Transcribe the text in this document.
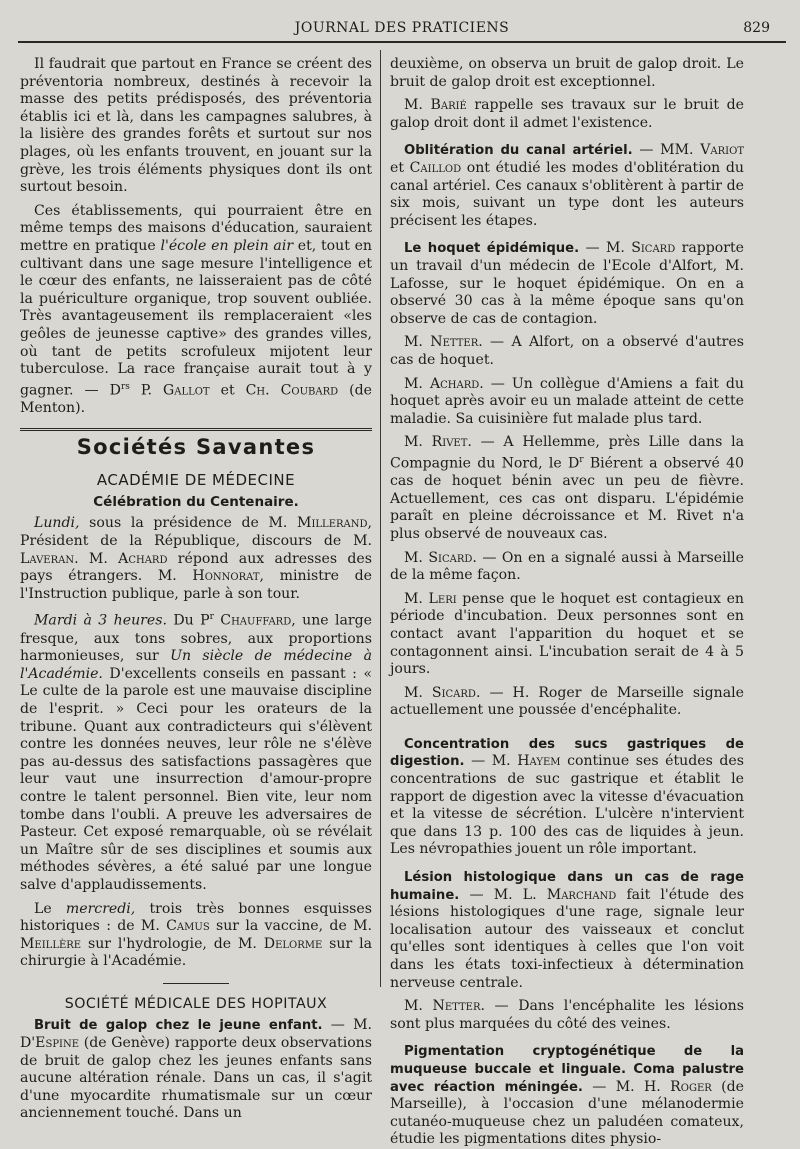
JOURNAL DES PRATICIENS	829

Il faudrait que partout en France se créent des préventoria nombreux, destinés à recevoir la masse des petits prédisposés, des préventoria établis ici et là, dans les campagnes salubres, à la lisière des grandes forêts et surtout sur nos plages, où les enfants trouvent, en jouant sur la grève, les trois éléments physiques dont ils ont surtout besoin.

Ces établissements, qui pourraient être en même temps des maisons d'éducation, sauraient mettre en pratique l'école en plein air et, tout en cultivant dans une sage mesure l'intelligence et le cœur des enfants, ne laisseraient pas de côté la puériculture organique, trop souvent oubliée. Très avantageusement ils remplaceraient «les geôles de jeunesse captive» des grandes villes, où tant de petits scrofuleux mijotent leur tuberculose. La race française aurait tout à y gagner. — $D^{rs}$ P. Gallot et Ch. Coubard (de Menton).

Sociétés Savantes
ACADÉMIE DE MÉDECINE
Célébration du Centenaire.

Lundi, sous la présidence de M. Millerand, Président de la République, discours de M. Laveran. M. Achard répond aux adresses des pays étrangers. M. Honnorat, ministre de l'Instruction publique, parle à son tour.

Mardi à 3 heures. Du $P^r$ Chauffard, une large fresque, aux tons sobres, aux proportions harmonieuses, sur Un siècle de médecine à l'Académie. D'excellents conseils en passant : « Le culte de la parole est une mauvaise discipline de l'esprit. » Ceci pour les orateurs de la tribune. Quant aux contradicteurs qui s'élèvent contre les données neuves, leur rôle ne s'élève pas au-dessus des satisfactions passagères que leur vaut une insurrection d'amour-propre contre le talent personnel. Bien vite, leur nom tombe dans l'oubli. A preuve les adversaires de Pasteur. Cet exposé remarquable, où se révélait un Maître sûr de ses disciplines et soumis aux méthodes sévères, a été salué par une longue salve d'applaudissements.

Le mercredi, trois très bonnes esquisses historiques : de M. Camus sur la vaccine, de M. Meillère sur l'hydrologie, de M. Delorme sur la chirurgie à l'Académie.

SOCIÉTÉ MÉDICALE DES HOPITAUX

Bruit de galop chez le jeune enfant. — M. D'Espine (de Genève) rapporte deux observations de bruit de galop chez les jeunes enfants sans aucune altération rénale. Dans un cas, il s'agit d'une myocardite rhumatismale sur un cœur anciennement touché. Dans un

deuxième, on observa un bruit de galop droit. Le bruit de galop droit est exceptionnel.

M. Barié rappelle ses travaux sur le bruit de galop droit dont il admet l'existence.

Oblitération du canal artériel. — MM. Variot et Caillod ont étudié les modes d'oblitération du canal artériel. Ces canaux s'oblitèrent à partir de six mois, suivant un type dont les auteurs précisent les étapes.

Le hoquet épidémique. — M. Sicard rapporte un travail d'un médecin de l'Ecole d'Alfort, M. Lafosse, sur le hoquet épidémique. On en a observé 30 cas à la même époque sans qu'on observe de cas de contagion.

M. Netter. — A Alfort, on a observé d'autres cas de hoquet.

M. Achard. — Un collègue d'Amiens a fait du hoquet après avoir eu un malade atteint de cette maladie. Sa cuisinière fut malade plus tard.

M. Rivet. — A Hellemme, près Lille dans la Compagnie du Nord, le $D^r$ Biérent a observé 40 cas de hoquet bénin avec un peu de fièvre. Actuellement, ces cas ont disparu. L'épidémie paraît en pleine décroissance et M. Rivet n'a plus observé de nouveaux cas.

M. Sicard. — On en a signalé aussi à Marseille de la même façon.

M. Leri pense que le hoquet est contagieux en période d'incubation. Deux personnes sont en contact avant l'apparition du hoquet et se contagonnent ainsi. L'incubation serait de 4 à 5 jours.

M. Sicard. — H. Roger de Marseille signale actuellement une poussée d'encéphalite.

Concentration des sucs gastriques de digestion. — M. Hayem continue ses études des concentrations de suc gastrique et établit le rapport de digestion avec la vitesse d'évacuation et la vitesse de sécrétion. L'ulcère n'intervient que dans 13 p. 100 des cas de liquides à jeun. Les névropathies jouent un rôle important.

Lésion histologique dans un cas de rage humaine. — M. L. Marchand fait l'étude des lésions histologiques d'une rage, signale leur localisation autour des vaisseaux et conclut qu'elles sont identiques à celles que l'on voit dans les états toxi-infectieux à détermination nerveuse centrale.

M. Netter. — Dans l'encéphalite les lésions sont plus marquées du côté des veines.

Pigmentation cryptogénétique de la muqueuse buccale et linguale. Coma palustre avec réaction méningée. — M. H. Roger (de Marseille), à l'occasion d'une mélanodermie cutanéo-muqueuse chez un paludéen comateux, étudie les pigmentations dites physio-
